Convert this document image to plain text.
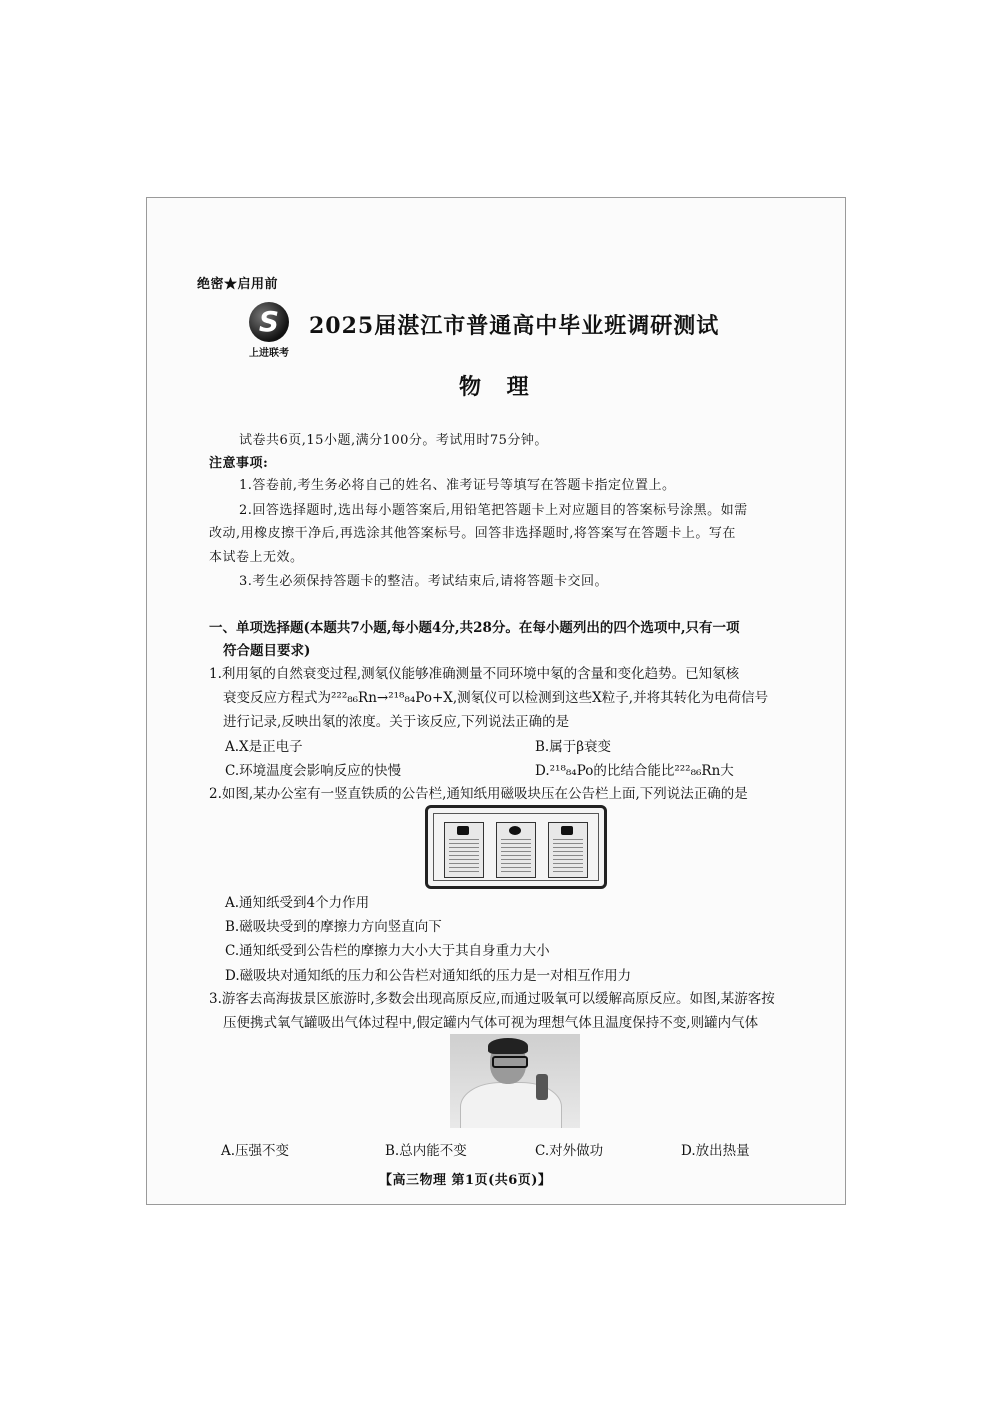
绝密★启用前
S
上进联考
2025届湛江市普通高中毕业班调研测试
物 理
试卷共6页,15小题,满分100分。考试用时75分钟。
注意事项:
1.答卷前,考生务必将自己的姓名、准考证号等填写在答题卡指定位置上。
2.回答选择题时,选出每小题答案后,用铅笔把答题卡上对应题目的答案标号涂黑。如需
改动,用橡皮擦干净后,再选涂其他答案标号。回答非选择题时,将答案写在答题卡上。写在
本试卷上无效。
3.考生必须保持答题卡的整洁。考试结束后,请将答题卡交回。
一、单项选择题(本题共7小题,每小题4分,共28分。在每小题列出的四个选项中,只有一项
符合题目要求)
1.利用氡的自然衰变过程,测氡仪能够准确测量不同环境中氡的含量和变化趋势。已知氡核
衰变反应方程式为²²²₈₆Rn→²¹⁸₈₄Po+X,测氡仪可以检测到这些X粒子,并将其转化为电荷信号
进行记录,反映出氡的浓度。关于该反应,下列说法正确的是
A.X是正电子	B.属于β衰变
C.环境温度会影响反应的快慢	D.²¹⁸₈₄Po的比结合能比²²²₈₆Rn大
2.如图,某办公室有一竖直铁质的公告栏,通知纸用磁吸块压在公告栏上面,下列说法正确的是
A.通知纸受到4个力作用
B.磁吸块受到的摩擦力方向竖直向下
C.通知纸受到公告栏的摩擦力大小大于其自身重力大小
D.磁吸块对通知纸的压力和公告栏对通知纸的压力是一对相互作用力
3.游客去高海拔景区旅游时,多数会出现高原反应,而通过吸氧可以缓解高原反应。如图,某游客按
压便携式氧气罐吸出气体过程中,假定罐内气体可视为理想气体且温度保持不变,则罐内气体
A.压强不变	B.总内能不变	C.对外做功	D.放出热量
【高三物理 第1页(共6页)】
